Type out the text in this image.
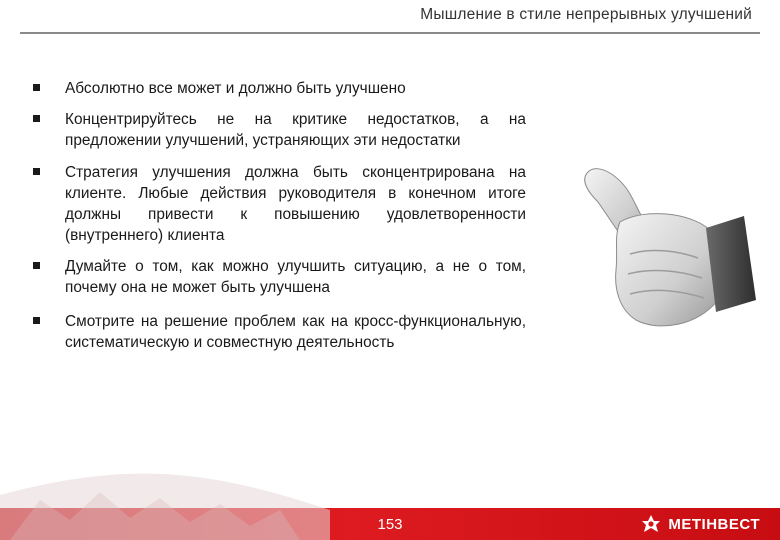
Мышление в стиле непрерывных улучшений
Абсолютно все может и должно быть улучшено
Концентрируйтесь не на критике недостатков, а на предложении улучшений, устраняющих эти недостатки
Стратегия улучшения должна быть сконцентрирована на клиенте. Любые действия руководителя в конечном итоге должны привести к повышению удовлетворенности (внутреннего) клиента
Думайте о том, как можно улучшить ситуацию, а не о том, почему она не может быть улучшена
Смотрите на решение проблем как на кросс-функциональную, систематическую и совместную деятельность
153	МЕТІНВЕСТ
